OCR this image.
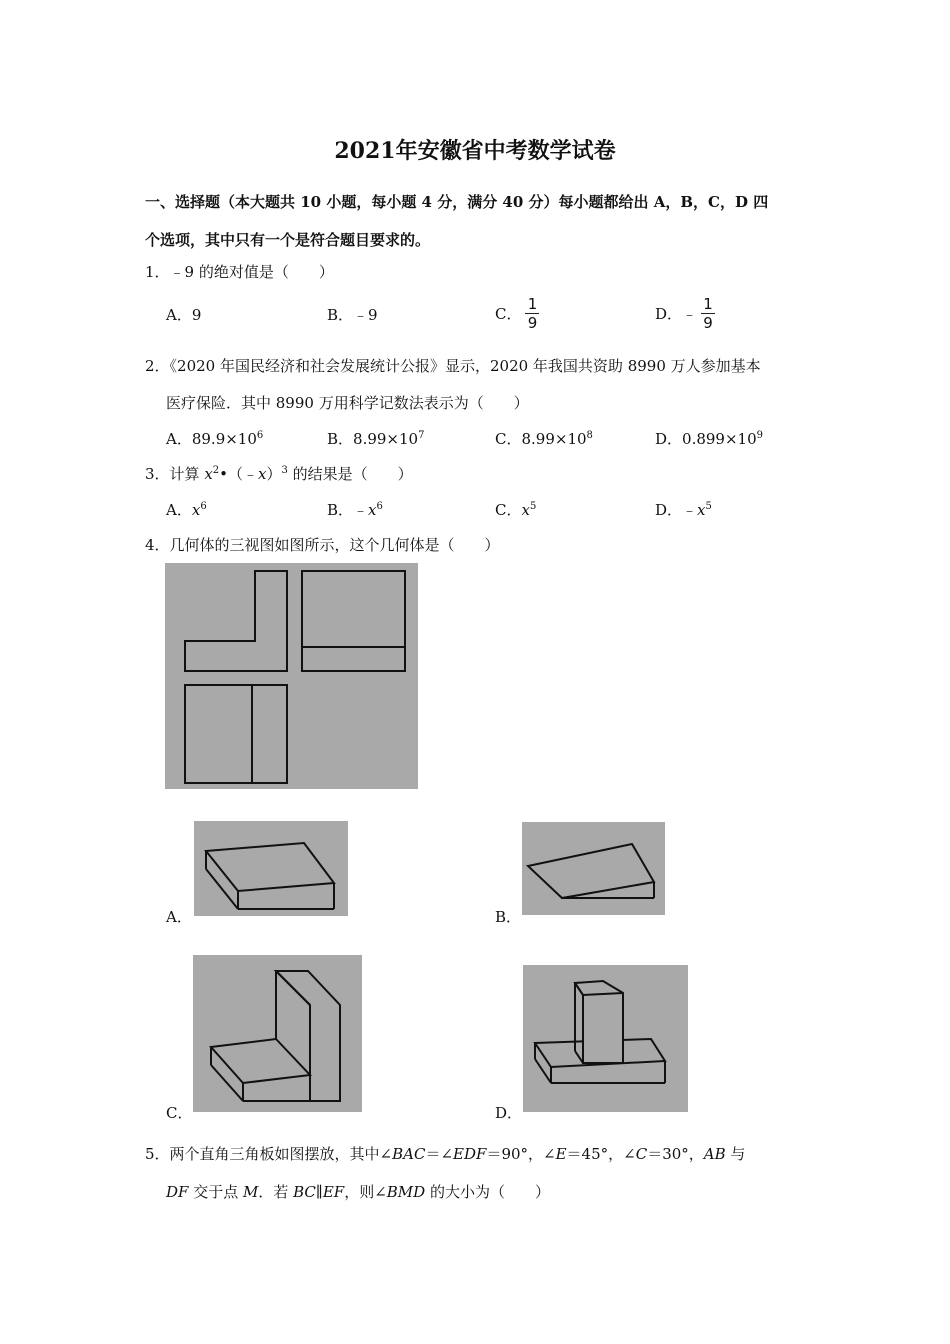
2021年安徽省中考数学试卷
一、选择题（本大题共 10 小题，每小题 4 分，满分 40 分）每小题都给出 A，B，C，D 四
个选项，其中只有一个是符合题目要求的。
1．﹣9 的绝对值是（　　）
A．9	B．﹣9	C． $\frac{1}{9}$	D．﹣ $\frac{1}{9}$
2．《2020 年国民经济和社会发展统计公报》显示，2020 年我国共资助 8990 万人参加基本
医疗保险．其中 8990 万用科学记数法表示为（　　）
A．$89.9\times 10^6$	B．$8.99\times 10^7$	C．$8.99\times 10^8$	D．$0.899\times 10^9$
3．计算 $x^2•(﹣x)^3$ 的结果是（　　）
A．$x^6$	B．$﹣x^6$	C．$x^5$	D．$﹣x^5$
4．几何体的三视图如图所示，这个几何体是（　　）
A．	B．
C．	D．
5．两个直角三角板如图摆放，其中∠BAC＝∠EDF＝90°，∠E＝45°，∠C＝30°，AB 与
DF 交于点 M．若 BC∥EF，则∠BMD 的大小为（　　）
